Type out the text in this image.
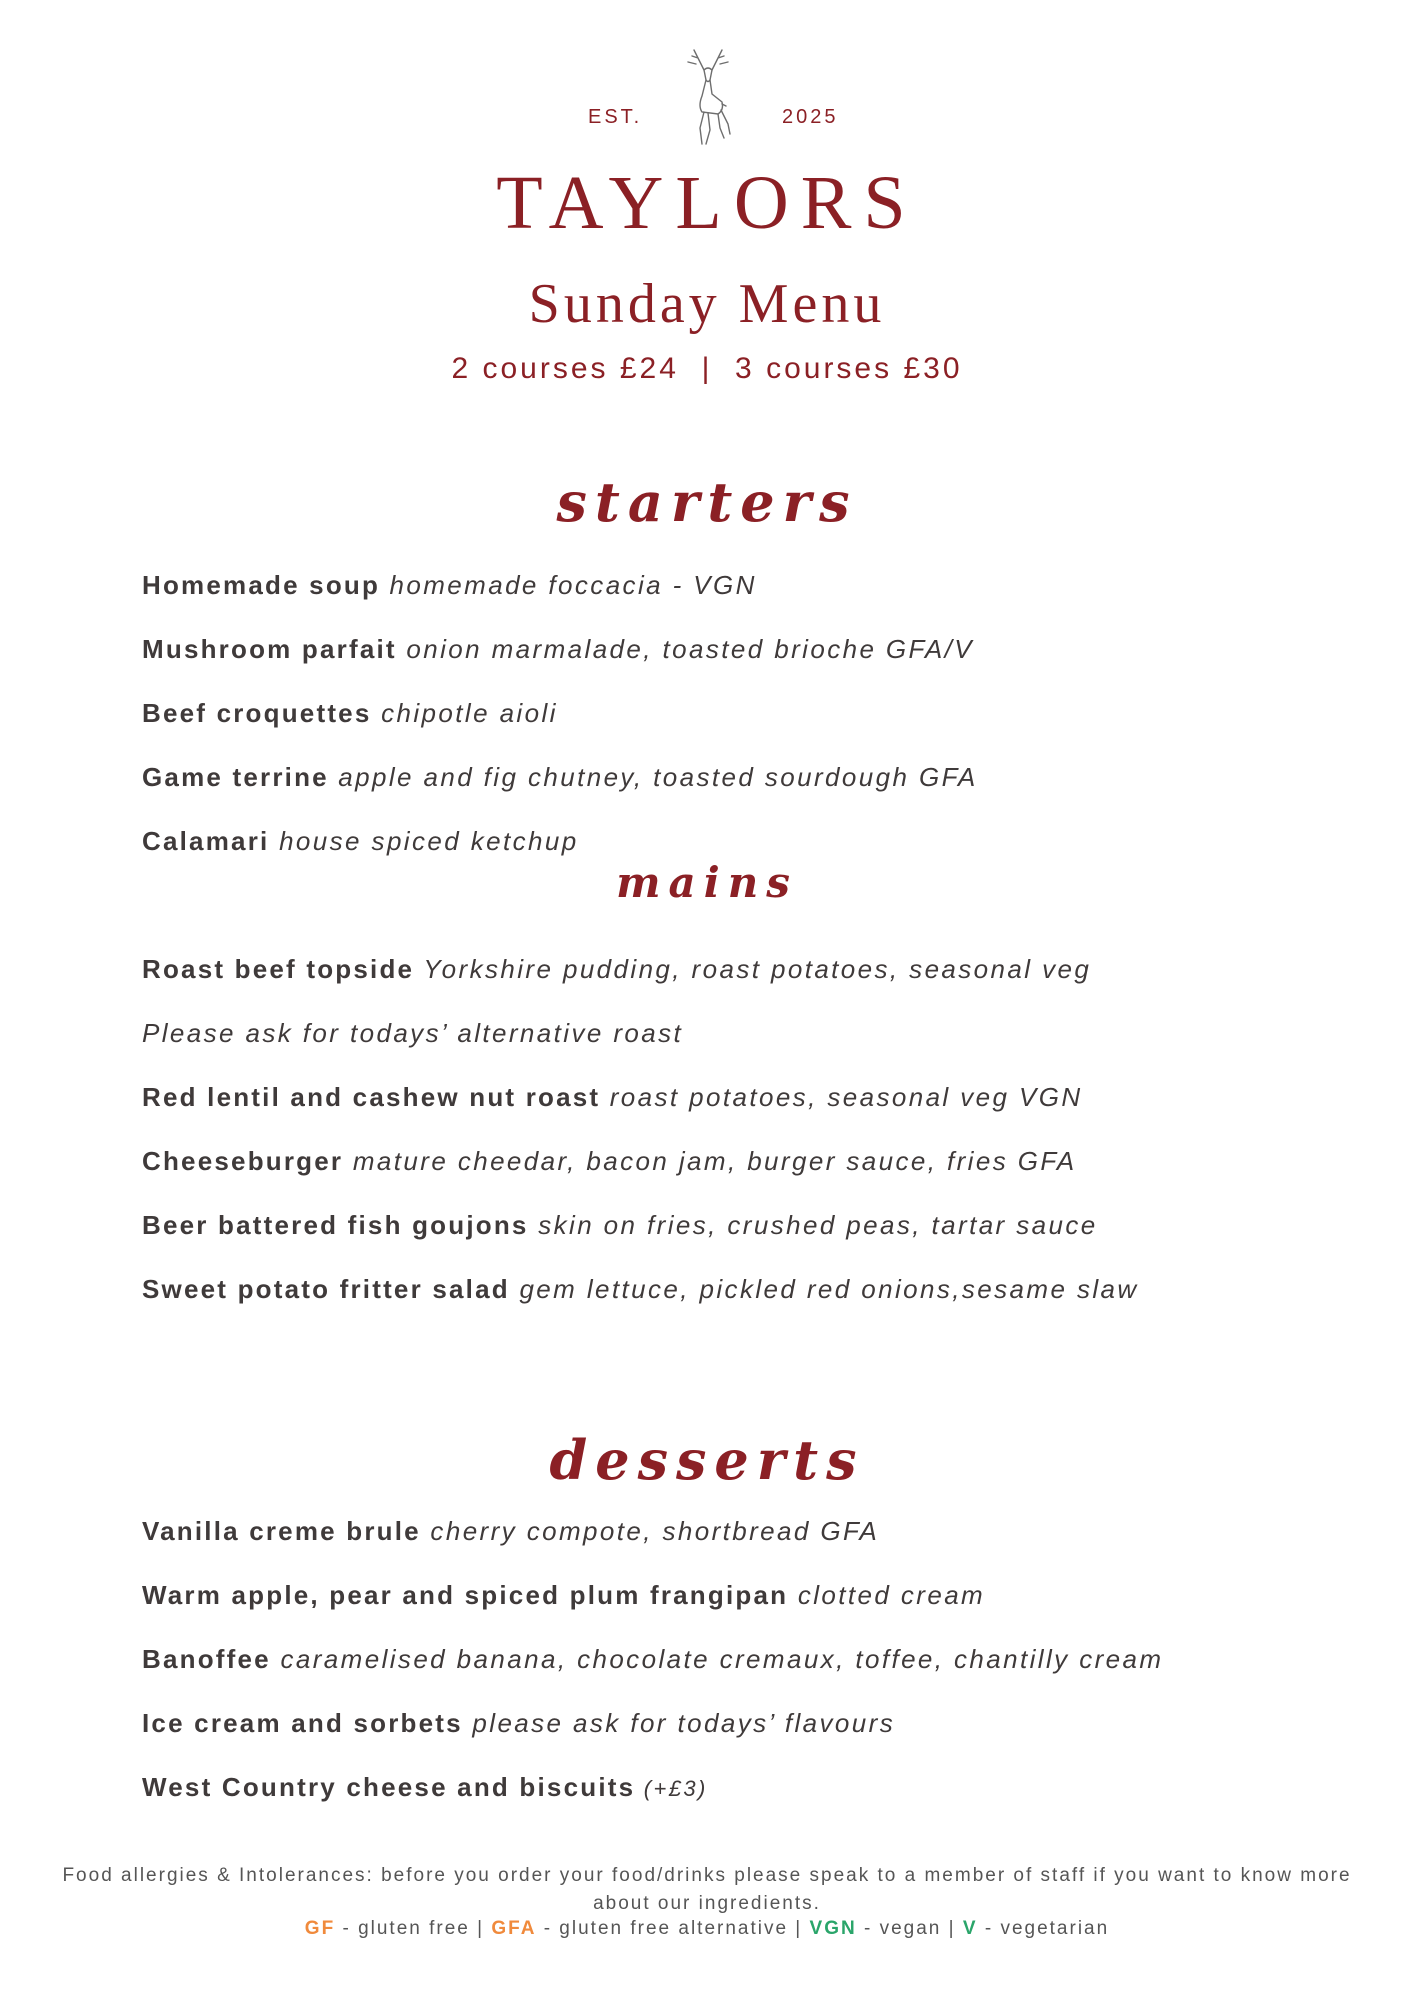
EST.	2025
TAYLORS
Sunday Menu
2 courses £24  |  3 courses £30
starters
Homemade soup homemade foccacia - VGN
Mushroom parfait onion marmalade, toasted brioche GFA/V
Beef croquettes chipotle aioli
Game terrine apple and fig chutney, toasted sourdough GFA
Calamari house spiced ketchup
mains
Roast beef topside Yorkshire pudding, roast potatoes, seasonal veg
Please ask for todays’ alternative roast
Red lentil and cashew nut roast roast potatoes, seasonal veg VGN
Cheeseburger mature cheedar, bacon jam, burger sauce, fries GFA
Beer battered fish goujons skin on fries, crushed peas, tartar sauce
Sweet potato fritter salad gem lettuce, pickled red onions,sesame slaw
desserts
Vanilla creme brule cherry compote, shortbread GFA
Warm apple, pear and spiced plum frangipan clotted cream
Banoffee caramelised banana, chocolate cremaux, toffee, chantilly cream
Ice cream and sorbets please ask for todays’ flavours
West Country cheese and biscuits (+£3)
Food allergies & Intolerances: before you order your food/drinks please speak to a member of staff if you want to know more about our ingredients.
GF - gluten free | GFA - gluten free alternative | VGN - vegan | V - vegetarian
